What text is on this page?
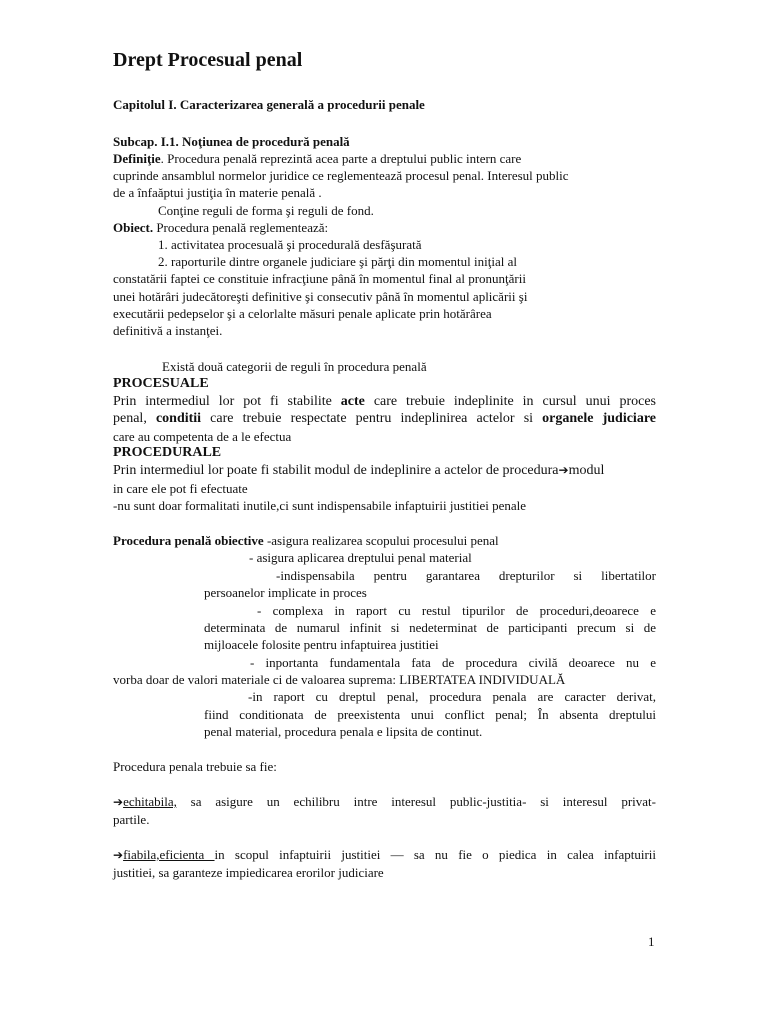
Drept Procesual penal
Capitolul I. Caracterizarea generală a procedurii penale
Subcap. I.1. Noţiunea de procedură penală
Definiţie. Procedura penală reprezintă acea parte a dreptului public intern care
cuprinde ansamblul normelor juridice ce reglementează procesul penal. Interesul public
de a înfaăptui justiţia în materie penală .
Conţine reguli de forma şi reguli de fond.
Obiect. Procedura penală reglementează:
1. activitatea procesuală şi procedurală desfăşurată
2. raporturile dintre organele judiciare şi părţi din momentul iniţial al
constatării faptei ce constituie infracţiune până în momentul final al pronunţării
unei hotărâri judecătoreşti definitive şi consecutiv până în momentul aplicării şi
executării pedepselor şi a celorlalte măsuri penale aplicate prin hotărârea
definitivă a instanţei.
Există două categorii de reguli în procedura penală
PROCESUALE
Prin intermediul lor pot fi stabilite acte care trebuie indeplinite in cursul unui proces
penal, conditii care trebuie respectate pentru indeplinirea actelor si organele judiciare
care au competenta de a le efectua
PROCEDURALE
Prin intermediul lor poate fi stabilit modul de indeplinire a actelor de procedura➔modul
in care ele pot fi efectuate
-nu sunt doar formalitati inutile,ci sunt indispensabile infaptuirii justitiei penale
Procedura penală obiective -asigura realizarea scopului procesului penal
- asigura aplicarea dreptului penal material
-indispensabila pentru garantarea drepturilor si libertatilor
persoanelor implicate in proces
- complexa in raport cu restul tipurilor de proceduri,deoarece e
determinata de numarul infinit si nedeterminat de participanti precum si de
mijloacele folosite pentru infaptuirea justitiei
- inportanta fundamentala fata de procedura civilă deoarece nu e
vorba doar de valori materiale ci de valoarea suprema: LIBERTATEA INDIVIDUALĂ
-in raport cu dreptul penal, procedura penala are caracter derivat,
fiind conditionata de preexistenta unui conflict penal; În absenta dreptului
penal material, procedura penala e lipsita de continut.
Procedura penala trebuie sa fie:
➔echitabila, sa asigure un echilibru intre interesul public-justitia- si interesul privat-
partile.
➔fiabila,eficienta in scopul infaptuirii justitiei — sa nu fie o piedica in calea infaptuirii
justitiei, sa garanteze impiedicarea erorilor judiciare
1
